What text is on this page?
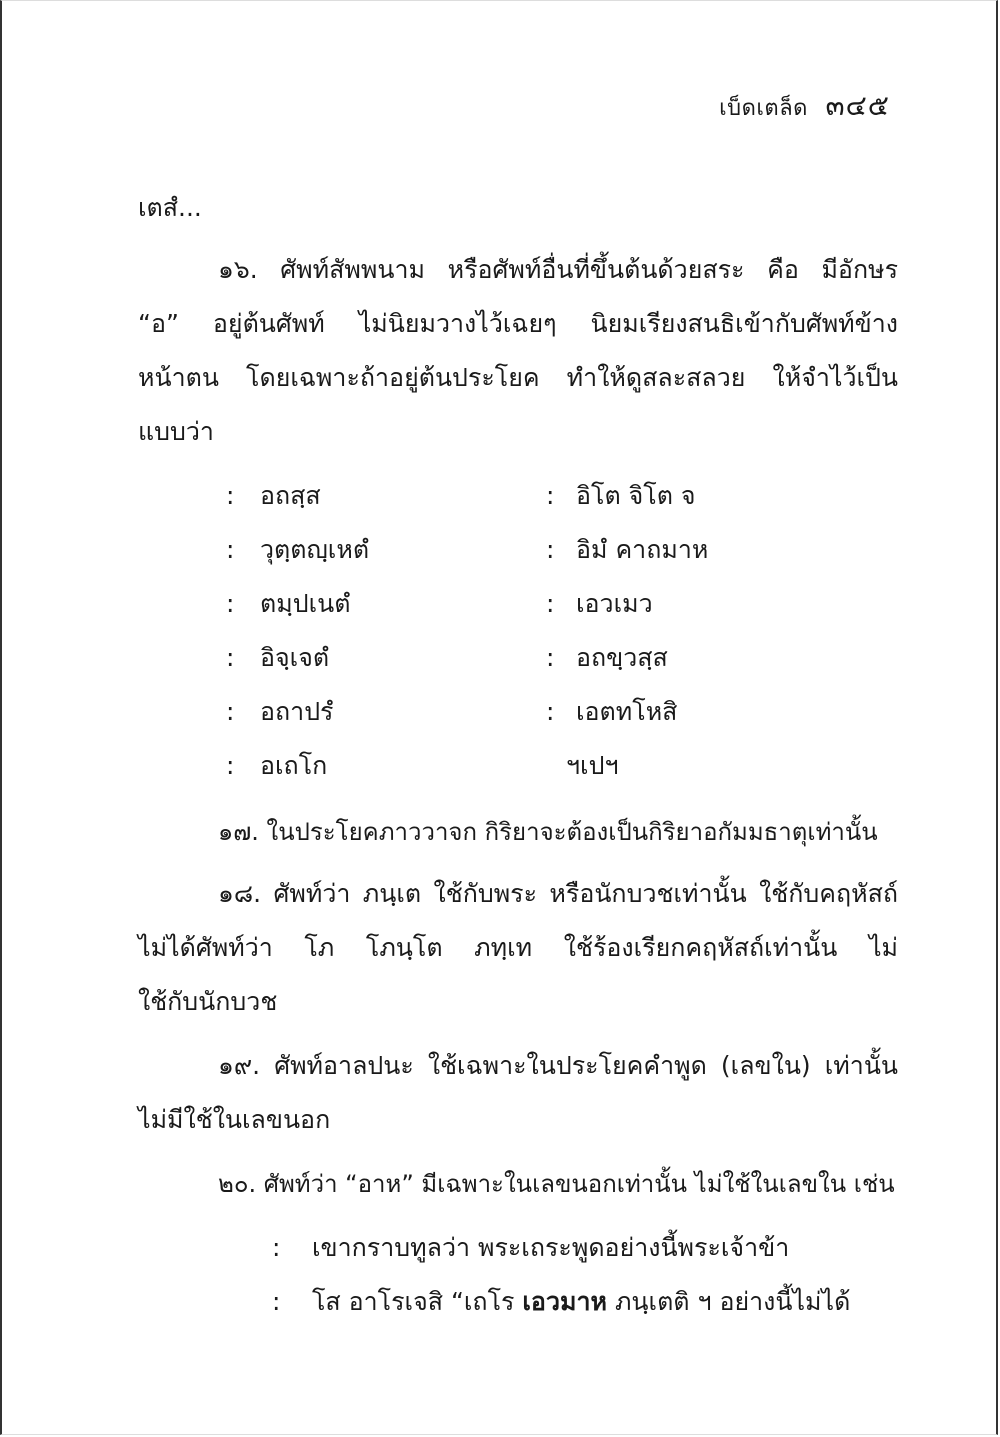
เบ็ดเตล็ด ๓๔๕
เตสํ...
๑๖. ศัพท์สัพพนาม หรือศัพท์อื่นที่ขึ้นต้นด้วยสระ คือ มีอักษร
“อ” อยู่ต้นศัพท์ ไม่นิยมวางไว้เฉยๆ นิยมเรียงสนธิเข้ากับศัพท์ข้าง
หน้าตน โดยเฉพาะถ้าอยู่ต้นประโยค ทำให้ดูสละสลวย ให้จำไว้เป็น
แบบว่า
: อถสฺส	: อิโต จิโต จ
: วุตฺตญฺเหตํ	: อิมํ คาถมาห
: ตมฺปเนตํ	: เอวเมว
: อิจฺเจตํ	: อถขฺวสฺส
: อถาปรํ	: เอตทโหสิ
: อเถโก	ฯเปฯ
๑๗. ในประโยคภาววาจก กิริยาจะต้องเป็นกิริยาอกัมมธาตุเท่านั้น
๑๘. ศัพท์ว่า ภนฺเต ใช้กับพระ หรือนักบวชเท่านั้น ใช้กับคฤหัสถ์
ไม่ได้ศัพท์ว่า โภ โภนฺโต ภทฺเท ใช้ร้องเรียกคฤหัสถ์เท่านั้น ไม่
ใช้กับนักบวช
๑๙. ศัพท์อาลปนะ ใช้เฉพาะในประโยคคำพูด (เลขใน) เท่านั้น
ไม่มีใช้ในเลขนอก
๒๐. ศัพท์ว่า “อาห” มีเฉพาะในเลขนอกเท่านั้น ไม่ใช้ในเลขใน เช่น
: เขากราบทูลว่า พระเถระพูดอย่างนี้พระเจ้าข้า
: โส อาโรเจสิ “เถโร เอวมาห ภนฺเตติ ฯ อย่างนี้ไม่ได้
